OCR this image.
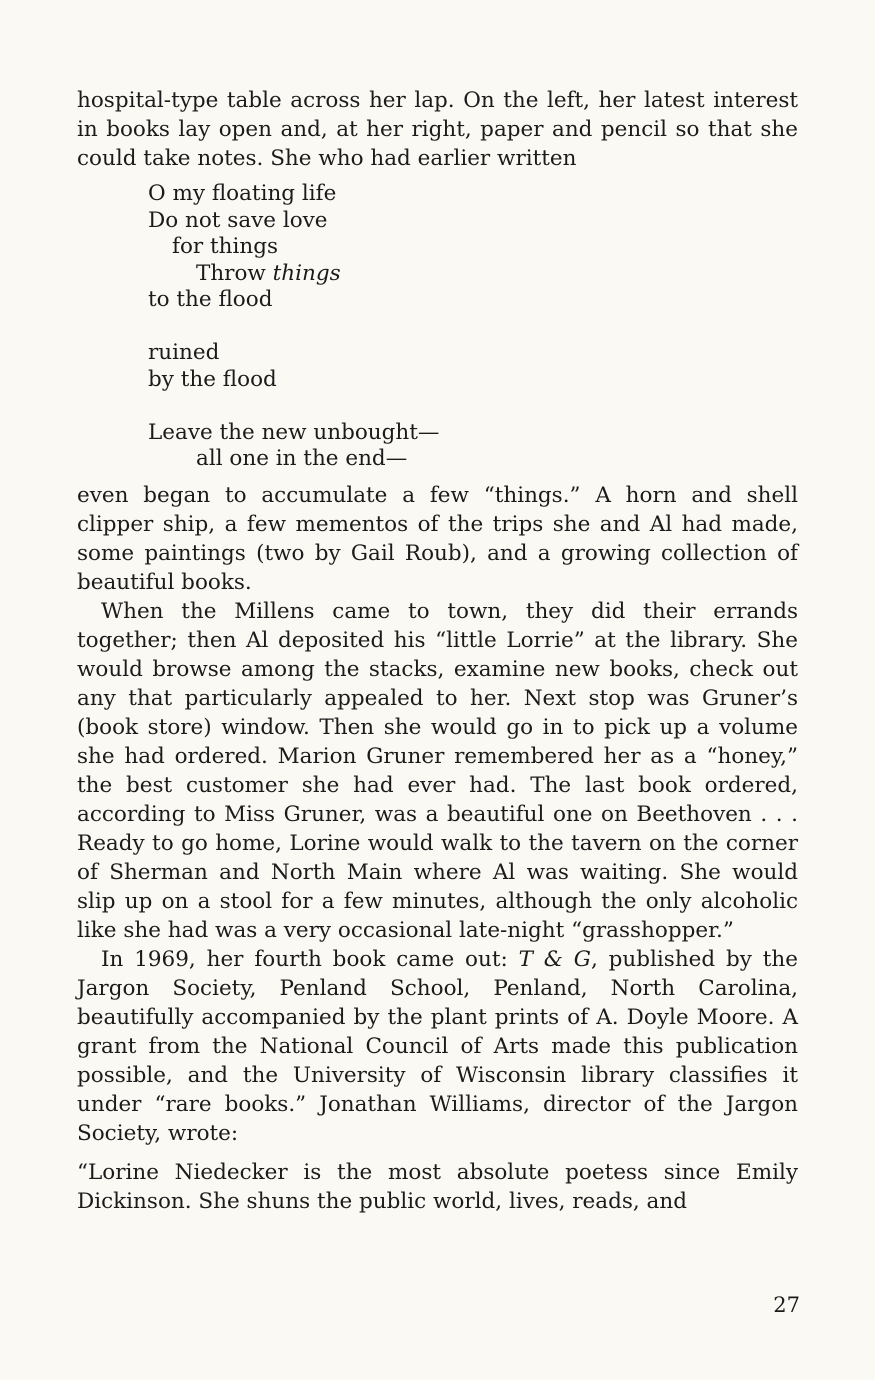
hospital-type table across her lap. On the left, her latest interest in books lay open and, at her right, paper and pencil so that she could take notes. She who had earlier written

O my floating life
Do not save love
for things
Throw things
to the flood
ruined
by the flood
Leave the new unbought—
all one in the end—

even began to accumulate a few “things.” A horn and shell clipper ship, a few mementos of the trips she and Al had made, some paintings (two by Gail Roub), and a growing collection of beautiful books.

When the Millens came to town, they did their errands together; then Al deposited his “little Lorrie” at the library. She would browse among the stacks, examine new books, check out any that particularly appealed to her. Next stop was Gruner’s (book store) window. Then she would go in to pick up a volume she had ordered. Marion Gruner remembered her as a “honey,” the best customer she had ever had. The last book ordered, according to Miss Gruner, was a beautiful one on Beethoven . . . Ready to go home, Lorine would walk to the tavern on the corner of Sherman and North Main where Al was waiting. She would slip up on a stool for a few minutes, although the only alcoholic like she had was a very occasional late-night “grasshopper.”

In 1969, her fourth book came out: T & G, published by the Jargon Society, Penland School, Penland, North Carolina, beautifully accompanied by the plant prints of A. Doyle Moore. A grant from the National Council of Arts made this publication possible, and the University of Wisconsin library classifies it under “rare books.” Jonathan Williams, director of the Jargon Society, wrote:

“Lorine Niedecker is the most absolute poetess since Emily Dickinson. She shuns the public world, lives, reads, and

27
